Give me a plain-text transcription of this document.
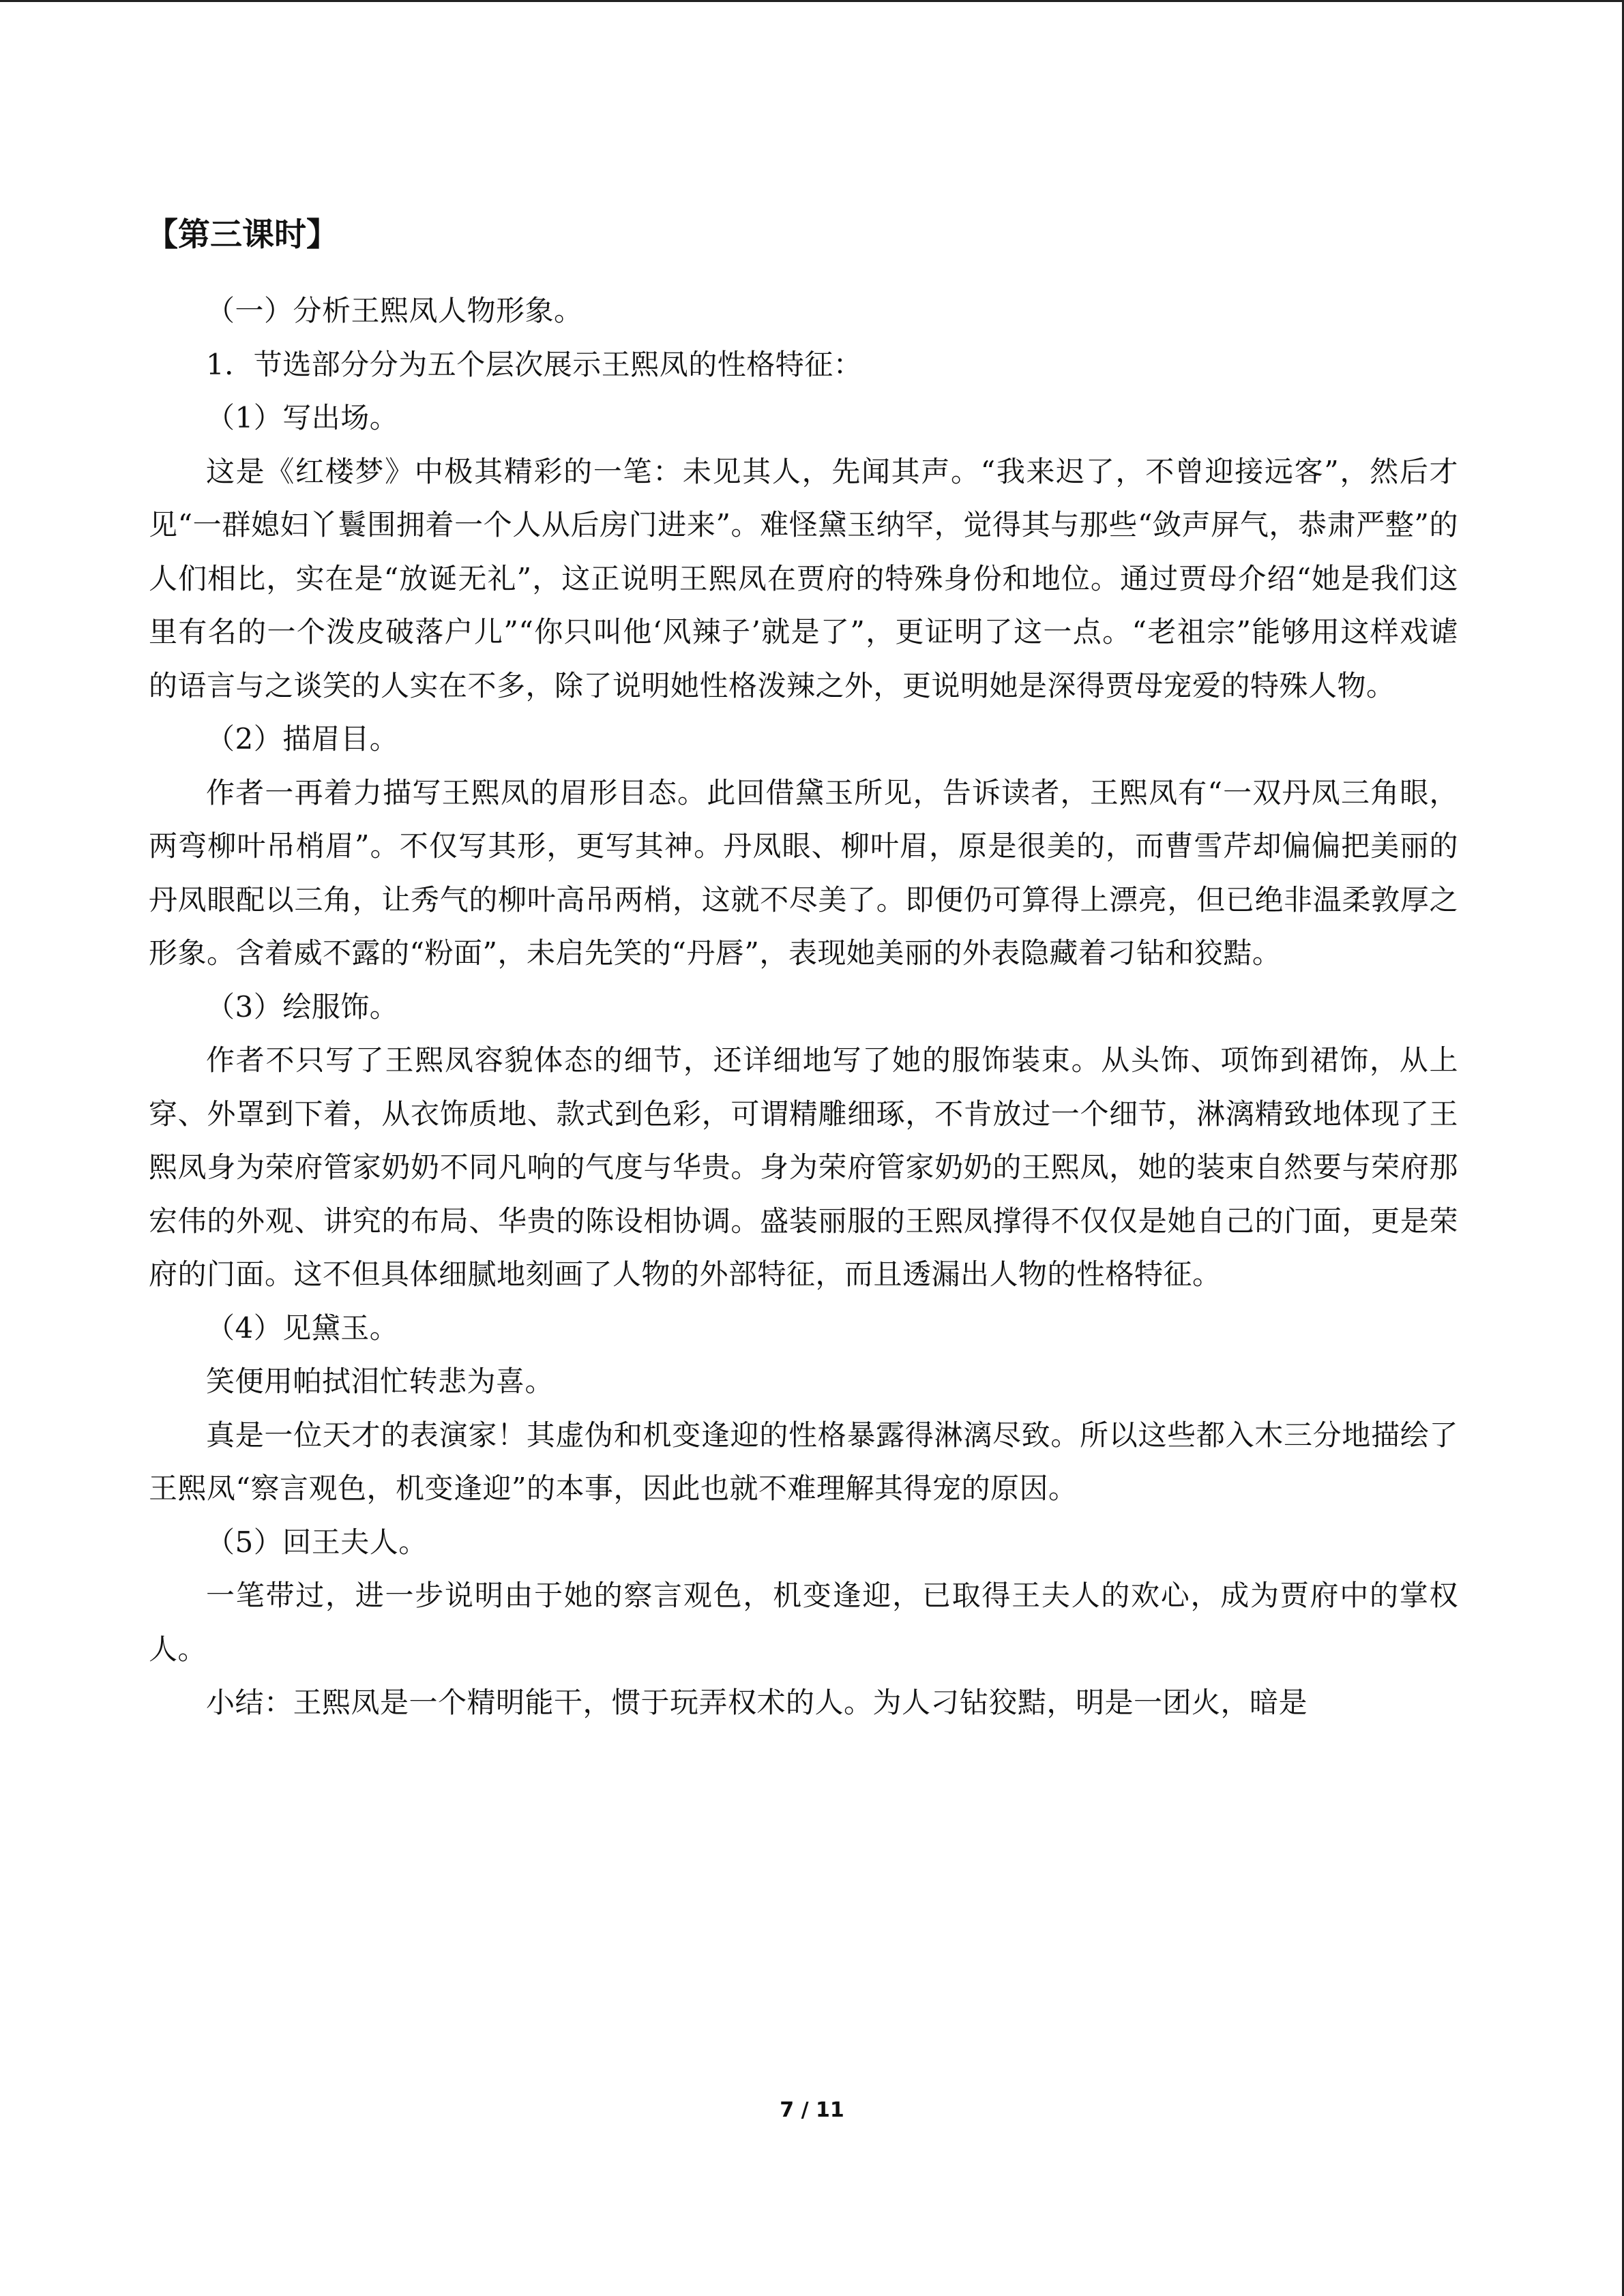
【第三课时】

（一）分析王熙凤人物形象。

1．节选部分分为五个层次展示王熙凤的性格特征：

（1）写出场。

这是《红楼梦》中极其精彩的一笔：未见其人，先闻其声。“我来迟了，不曾迎接远客”，然后才见“一群媳妇丫鬟围拥着一个人从后房门进来”。难怪黛玉纳罕，觉得其与那些“敛声屏气，恭肃严整”的人们相比，实在是“放诞无礼”，这正说明王熙凤在贾府的特殊身份和地位。通过贾母介绍“她是我们这里有名的一个泼皮破落户儿”“你只叫他‘风辣子’就是了”，更证明了这一点。“老祖宗”能够用这样戏谑的语言与之谈笑的人实在不多，除了说明她性格泼辣之外，更说明她是深得贾母宠爱的特殊人物。

（2）描眉目。

作者一再着力描写王熙凤的眉形目态。此回借黛玉所见，告诉读者，王熙凤有“一双丹凤三角眼，两弯柳叶吊梢眉”。不仅写其形，更写其神。丹凤眼、柳叶眉，原是很美的，而曹雪芹却偏偏把美丽的丹凤眼配以三角，让秀气的柳叶高吊两梢，这就不尽美了。即便仍可算得上漂亮，但已绝非温柔敦厚之形象。含着威不露的“粉面”，未启先笑的“丹唇”，表现她美丽的外表隐藏着刁钻和狡黠。

（3）绘服饰。

作者不只写了王熙凤容貌体态的细节，还详细地写了她的服饰装束。从头饰、项饰到裙饰，从上穿、外罩到下着，从衣饰质地、款式到色彩，可谓精雕细琢，不肯放过一个细节，淋漓精致地体现了王熙凤身为荣府管家奶奶不同凡响的气度与华贵。身为荣府管家奶奶的王熙凤，她的装束自然要与荣府那宏伟的外观、讲究的布局、华贵的陈设相协调。盛装丽服的王熙凤撑得不仅仅是她自己的门面，更是荣府的门面。这不但具体细腻地刻画了人物的外部特征，而且透漏出人物的性格特征。

（4）见黛玉。

笑便用帕拭泪忙转悲为喜。

真是一位天才的表演家！其虚伪和机变逢迎的性格暴露得淋漓尽致。所以这些都入木三分地描绘了王熙凤“察言观色，机变逢迎”的本事，因此也就不难理解其得宠的原因。

（5）回王夫人。

一笔带过，进一步说明由于她的察言观色，机变逢迎，已取得王夫人的欢心，成为贾府中的掌权人。

小结：王熙凤是一个精明能干，惯于玩弄权术的人。为人刁钻狡黠，明是一团火，暗是

7 / 11
